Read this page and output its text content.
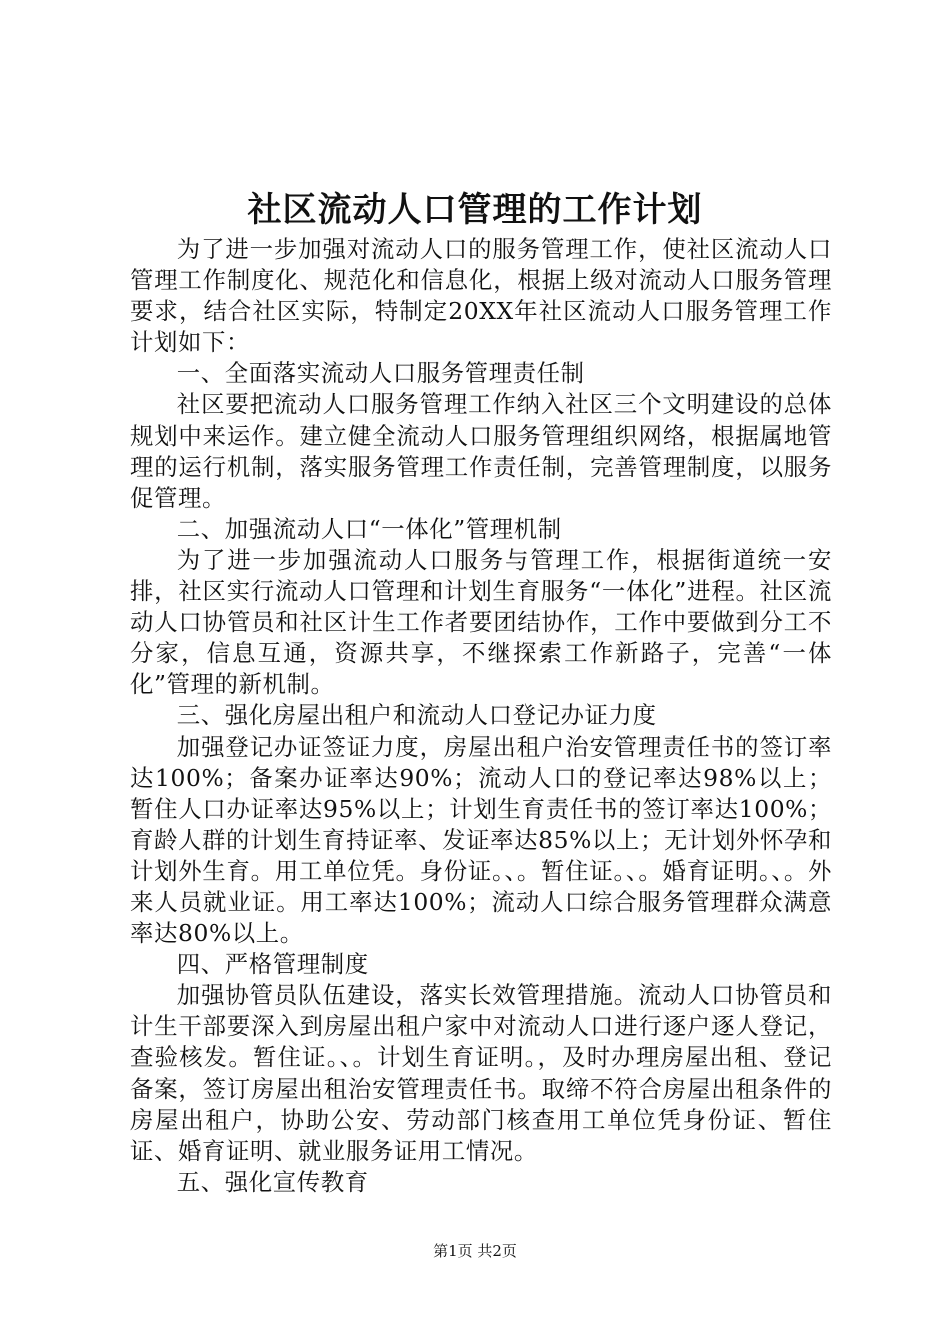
社区流动人口管理的工作计划

为了进一步加强对流动人口的服务管理工作，使社区流动人口管理工作制度化、规范化和信息化，根据上级对流动人口服务管理要求，结合社区实际，特制定20XX年社区流动人口服务管理工作计划如下：

一、全面落实流动人口服务管理责任制

社区要把流动人口服务管理工作纳入社区三个文明建设的总体规划中来运作。建立健全流动人口服务管理组织网络，根据属地管理的运行机制，落实服务管理工作责任制，完善管理制度，以服务促管理。

二、加强流动人口“一体化”管理机制

为了进一步加强流动人口服务与管理工作，根据街道统一安排，社区实行流动人口管理和计划生育服务“一体化”进程。社区流动人口协管员和社区计生工作者要团结协作，工作中要做到分工不分家，信息互通，资源共享，不继探索工作新路子，完善“一体化”管理的新机制。

三、强化房屋出租户和流动人口登记办证力度

加强登记办证签证力度，房屋出租户治安管理责任书的签订率达100%；备案办证率达90%；流动人口的登记率达98%以上；暂住人口办证率达95%以上；计划生育责任书的签订率达100%；育龄人群的计划生育持证率、发证率达85%以上；无计划外怀孕和计划外生育。用工单位凭。身份证。、。暂住证。、。婚育证明。、。外来人员就业证。用工率达100%；流动人口综合服务管理群众满意率达80%以上。

四、严格管理制度

加强协管员队伍建设，落实长效管理措施。流动人口协管员和计生干部要深入到房屋出租户家中对流动人口进行逐户逐人登记，查验核发。暂住证。、。计划生育证明。，及时办理房屋出租、登记备案，签订房屋出租治安管理责任书。取缔不符合房屋出租条件的房屋出租户，协助公安、劳动部门核查用工单位凭身份证、暂住证、婚育证明、就业服务证用工情况。

五、强化宣传教育

第1页 共2页
